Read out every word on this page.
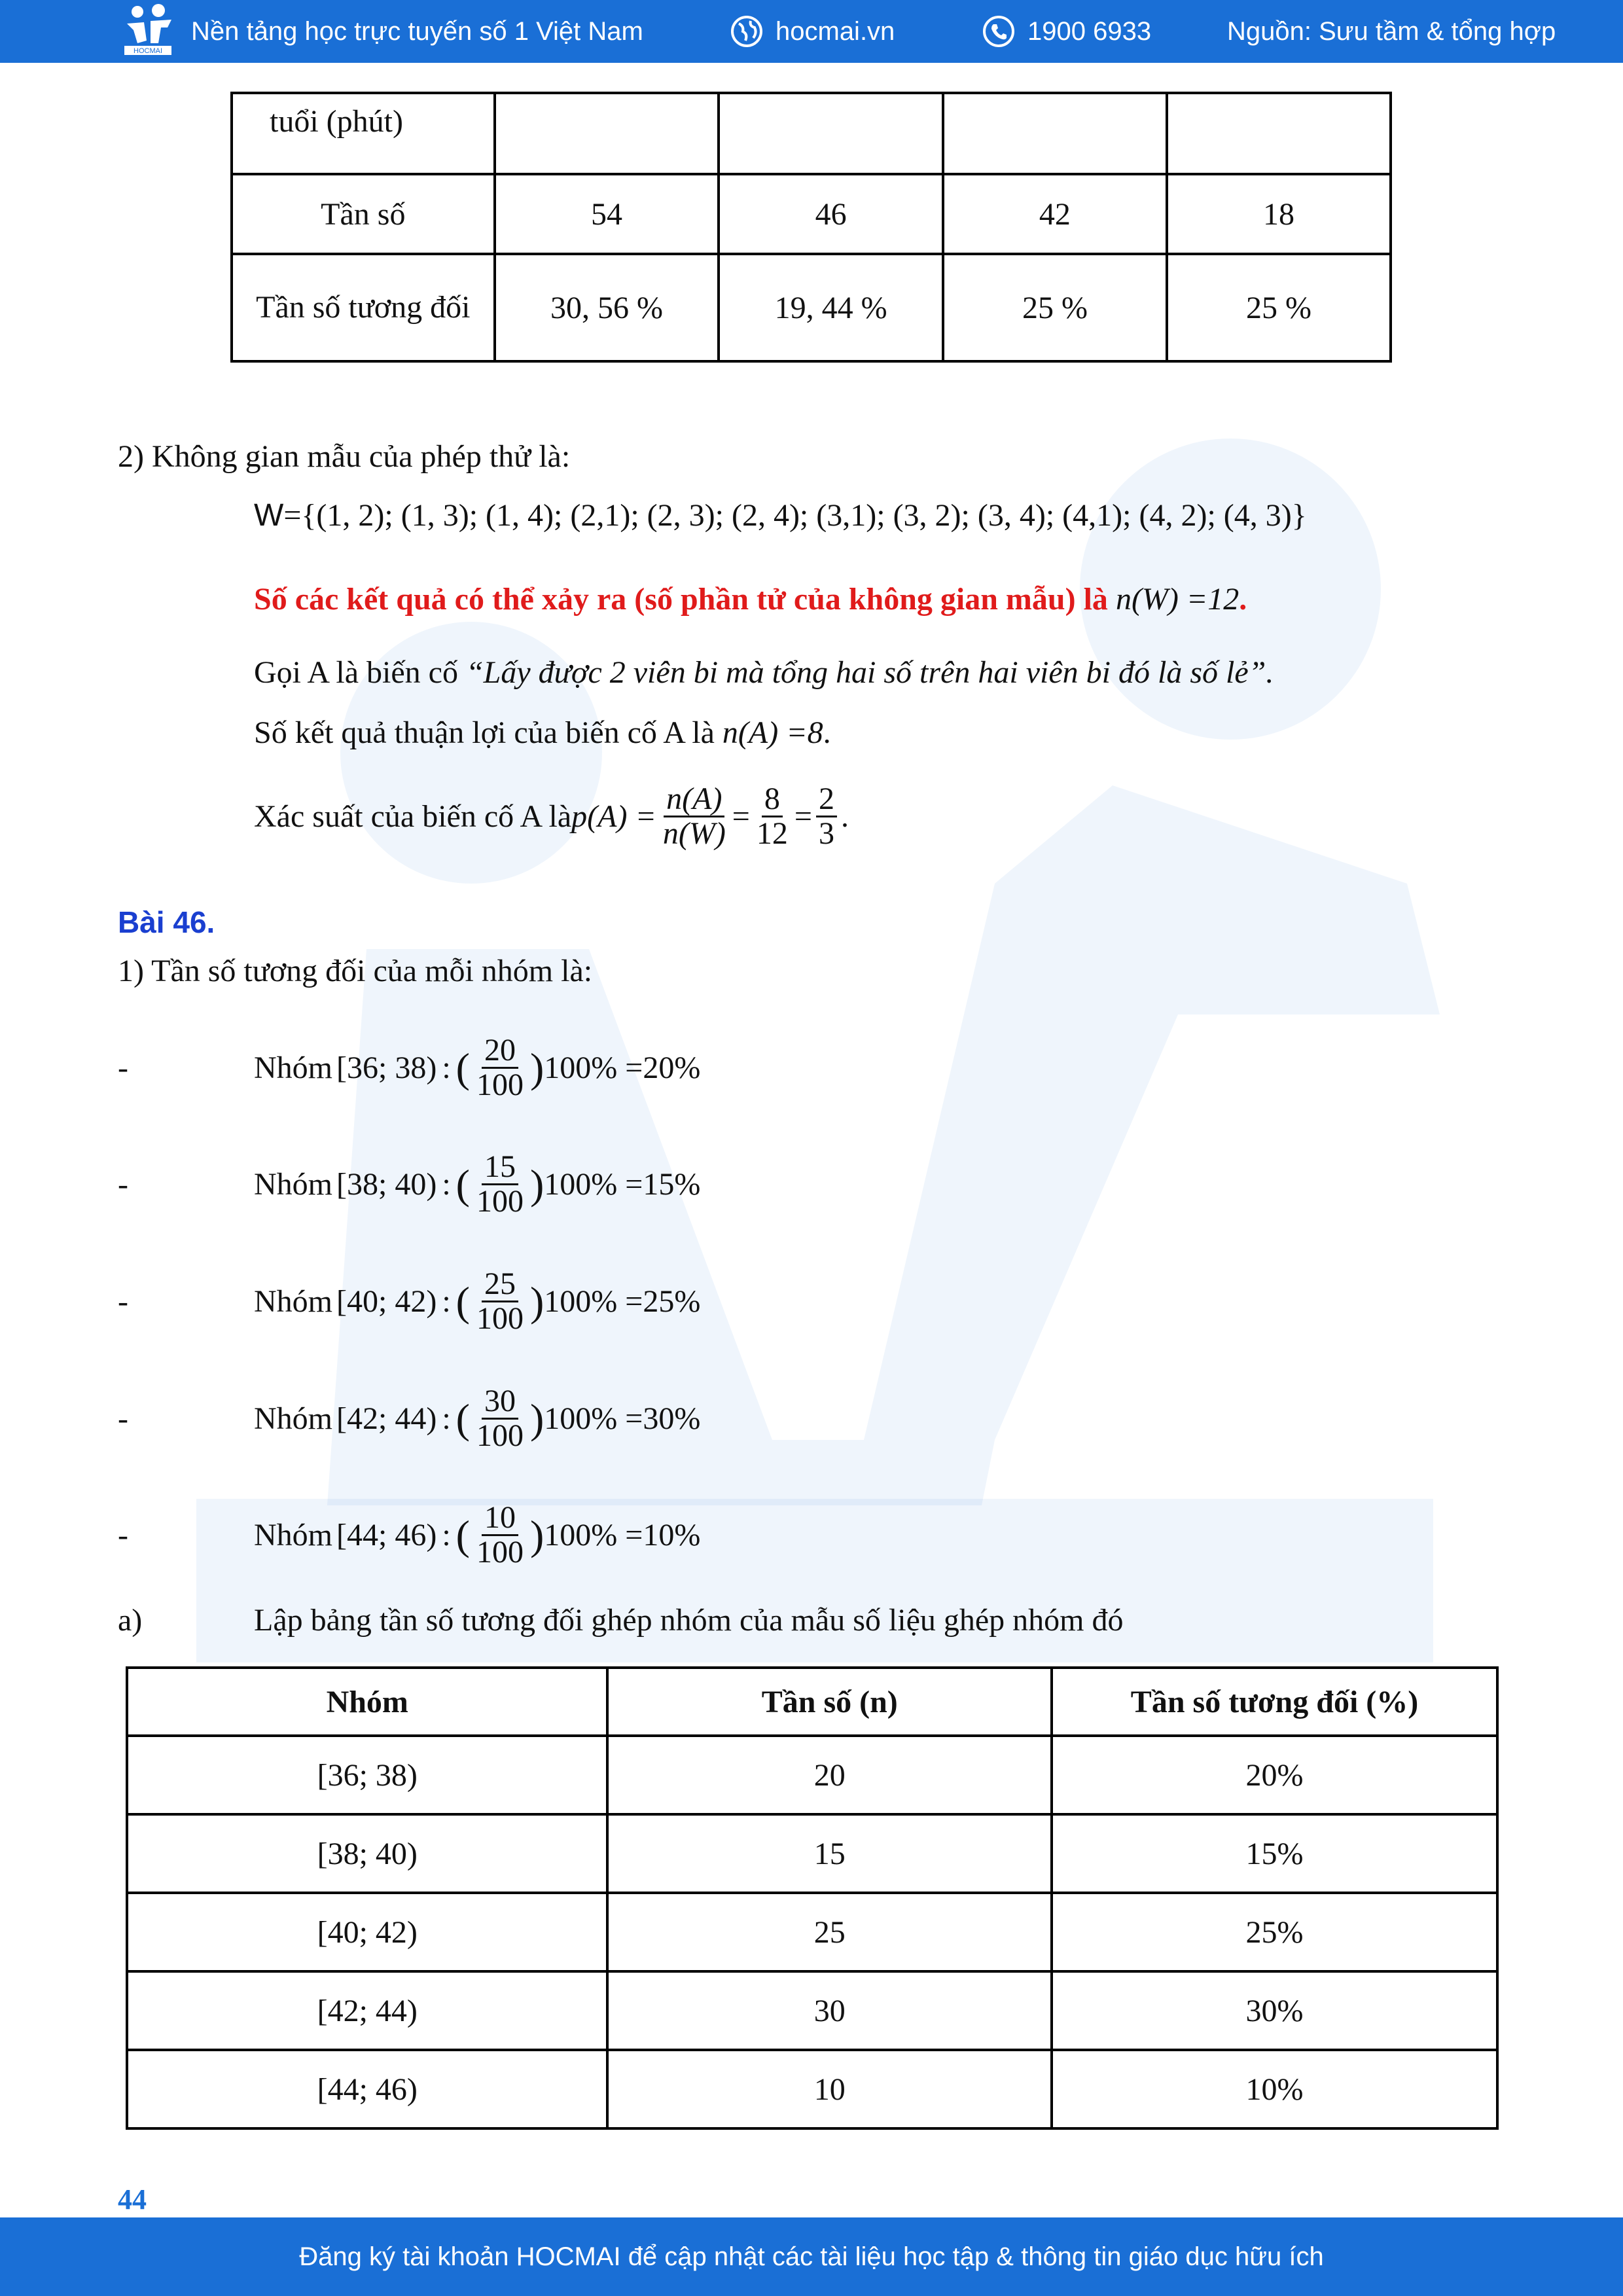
HOCMAI
Nền tảng học trực tuyến số 1 Việt Nam	hocmai.vn	1900 6933	Nguồn: Sưu tầm & tổng hợp
tuổi (phút)				
Tần số	54	46	42	18
Tần số tương đối	30, 56 %	19, 44 %	25 %	25 %
2) Không gian mẫu của phép thử là:
W={(1, 2); (1, 3); (1, 4); (2,1); (2, 3); (2, 4); (3,1); (3, 2); (3, 4); (4,1); (4, 2); (4, 3)}
Số các kết quả có thể xảy ra (số phần tử của không gian mẫu) là n(W) =12.
Gọi A là biến cố “Lấy được 2 viên bi mà tổng hai số trên hai viên bi đó là số lẻ”.
Số kết quả thuận lợi của biến cố A là n(A) =8.
Xác suất của biến cố A là $p(A) = \frac{n(A)}{n(W)} = \frac{8}{12} = \frac{2}{3}$ .
Bài 46.
1) Tần số tương đối của mỗi nhóm là:
-	Nhóm [36; 38) : ( $\frac{20}{100}$ ) 100% =20%
-	Nhóm [38; 40) : ( $\frac{15}{100}$ ) 100% =15%
-	Nhóm [40; 42) : ( $\frac{25}{100}$ ) 100% =25%
-	Nhóm [42; 44) : ( $\frac{30}{100}$ ) 100% =30%
-	Nhóm [44; 46) : ( $\frac{10}{100}$ ) 100% =10%
a)	Lập bảng tần số tương đối ghép nhóm của mẫu số liệu ghép nhóm đó
Nhóm	Tần số (n)	Tần số tương đối (%)
[36; 38)	20	20%
[38; 40)	15	15%
[40; 42)	25	25%
[42; 44)	30	30%
[44; 46)	10	10%
44
Đăng ký tài khoản HOCMAI để cập nhật các tài liệu học tập & thông tin giáo dục hữu ích
